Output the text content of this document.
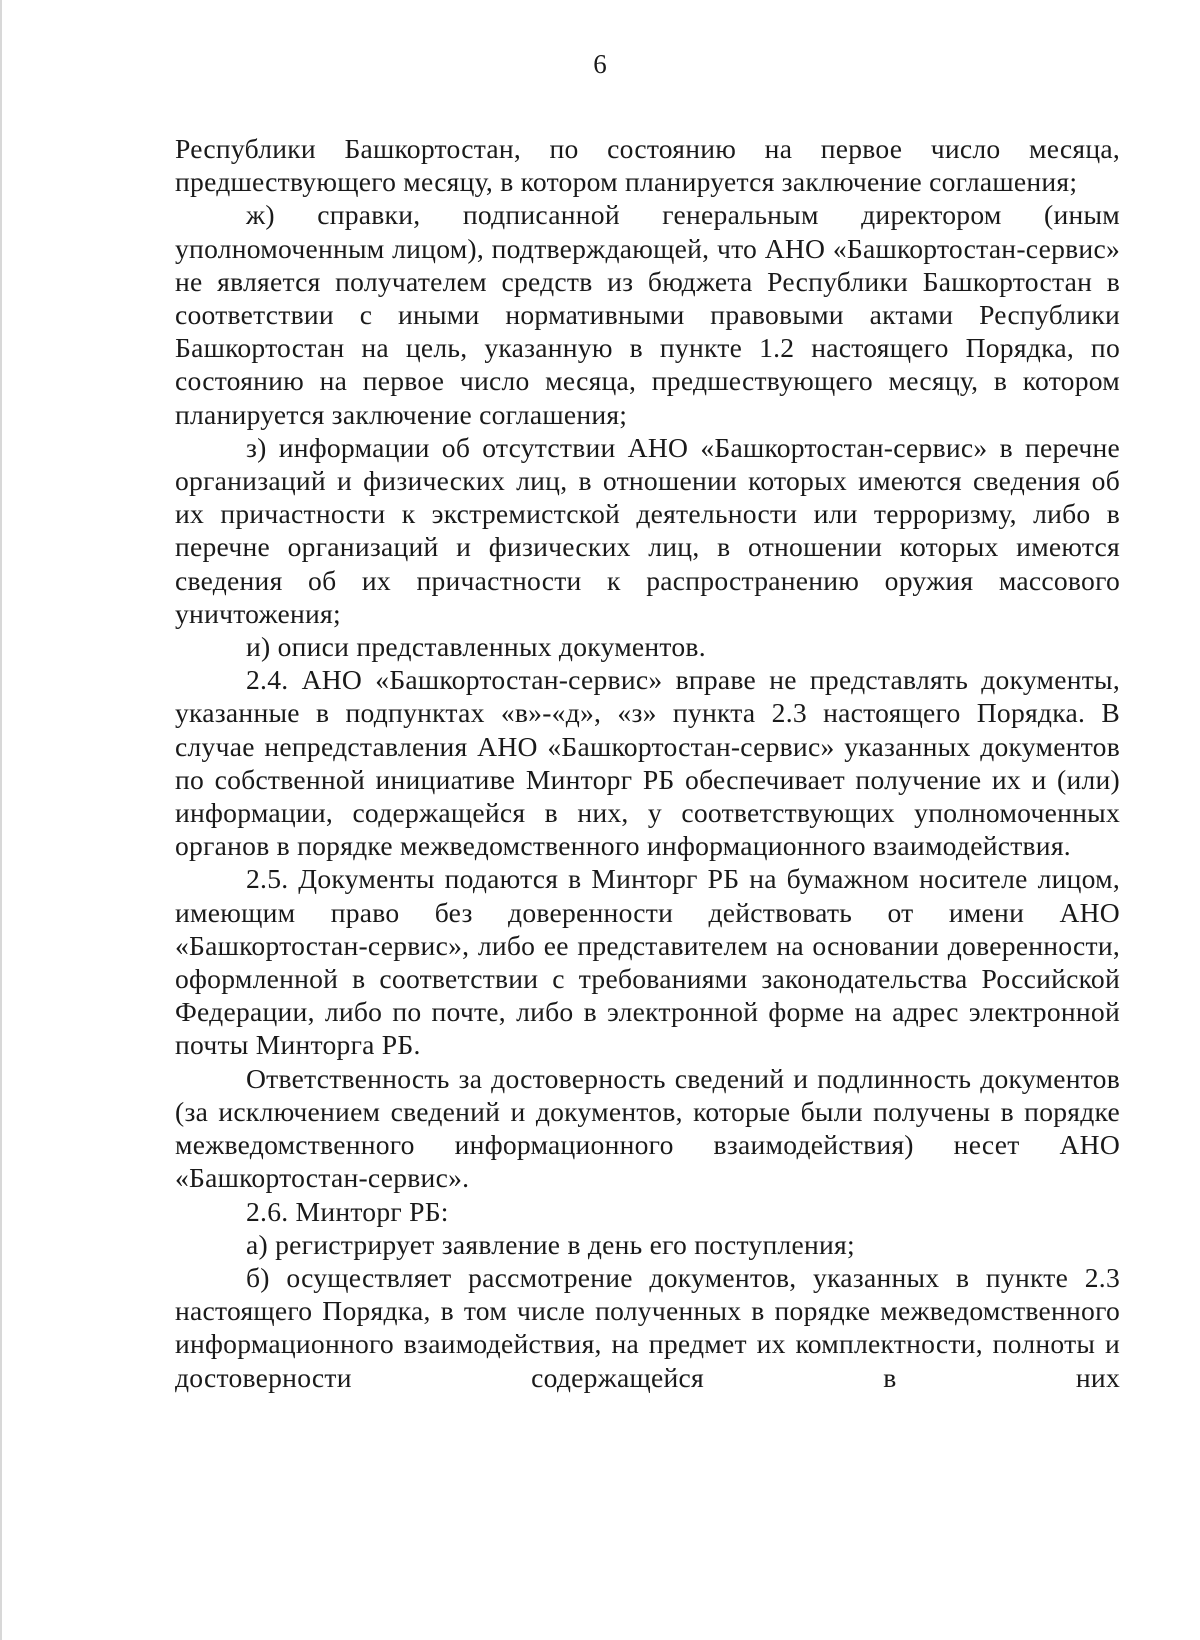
6

Республики Башкортостан, по состоянию на первое число месяца, предшествующего месяцу, в котором планируется заключение соглашения;

ж) справки, подписанной генеральным директором (иным уполномоченным лицом), подтверждающей, что АНО «Башкортостан-сервис» не является получателем средств из бюджета Республики Башкортостан в соответствии с иными нормативными правовыми актами Республики Башкортостан на цель, указанную в пункте 1.2 настоящего Порядка, по состоянию на первое число месяца, предшествующего месяцу, в котором планируется заключение соглашения;

з) информации об отсутствии АНО «Башкортостан-сервис» в перечне организаций и физических лиц, в отношении которых имеются сведения об их причастности к экстремистской деятельности или терроризму, либо в перечне организаций и физических лиц, в отношении которых имеются сведения об их причастности к распространению оружия массового уничтожения;

и) описи представленных документов.

2.4. АНО «Башкортостан-сервис» вправе не представлять документы, указанные в подпунктах «в»-«д», «з» пункта 2.3 настоящего Порядка. В случае непредставления АНО «Башкортостан-сервис» указанных документов по собственной инициативе Минторг РБ обеспечивает получение их и (или) информации, содержащейся в них, у соответствующих уполномоченных органов в порядке межведомственного информационного взаимодействия.

2.5. Документы подаются в Минторг РБ на бумажном носителе лицом, имеющим право без доверенности действовать от имени АНО «Башкортостан-сервис», либо ее представителем на основании доверенности, оформленной в соответствии с требованиями законодательства Российской Федерации, либо по почте, либо в электронной форме на адрес электронной почты Минторга РБ.

Ответственность за достоверность сведений и подлинность документов (за исключением сведений и документов, которые были получены в порядке межведомственного информационного взаимодействия) несет АНО «Башкортостан-сервис».

2.6. Минторг РБ:

а) регистрирует заявление в день его поступления;

б) осуществляет рассмотрение документов, указанных в пункте 2.3 настоящего Порядка, в том числе полученных в порядке межведомственного информационного взаимодействия, на предмет их комплектности, полноты и достоверности содержащейся в них
